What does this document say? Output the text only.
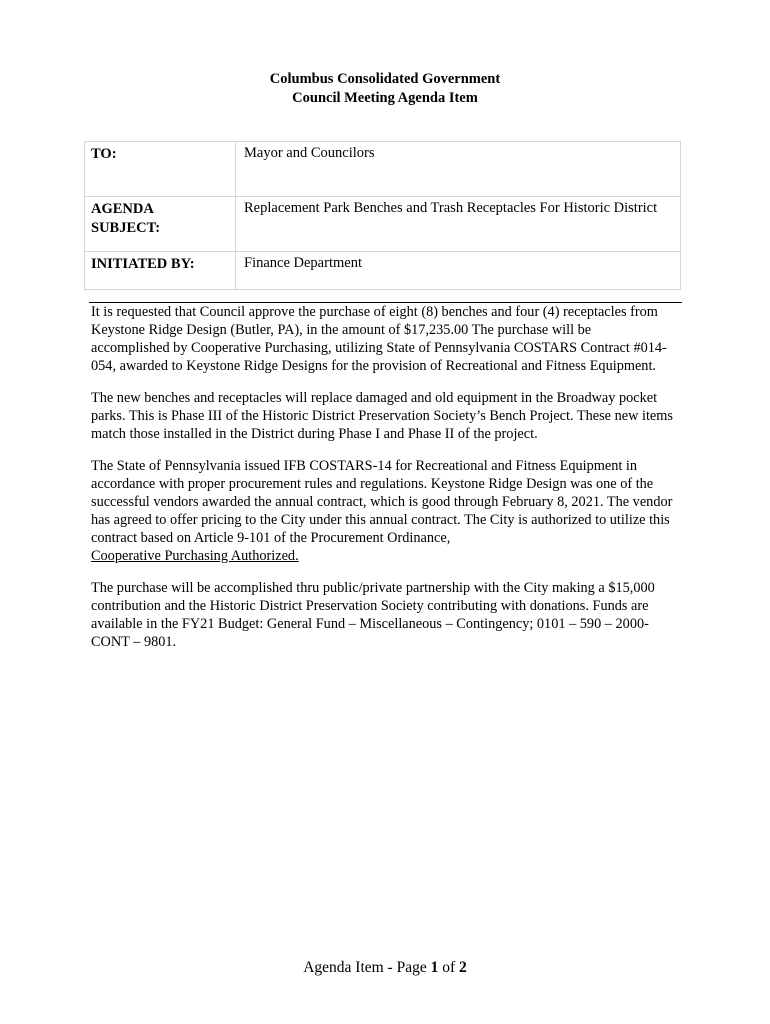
Columbus Consolidated Government
Council Meeting Agenda Item
TO:	Mayor and Councilors

AGENDA
SUBJECT:	Replacement Park Benches and Trash Receptacles For Historic District
INITIATED BY:	Finance Department

It is requested that Council approve the purchase of eight (8) benches and four (4) receptacles from Keystone Ridge Design (Butler, PA), in the amount of $17,235.00 The purchase will be accomplished by Cooperative Purchasing, utilizing State of Pennsylvania COSTARS Contract #014-054, awarded to Keystone Ridge Designs for the provision of Recreational and Fitness Equipment.

The new benches and receptacles will replace damaged and old equipment in the Broadway pocket parks. This is Phase III of the Historic District Preservation Society’s Bench Project. These new items match those installed in the District during Phase I and Phase II of the project.

The State of Pennsylvania issued IFB COSTARS-14 for Recreational and Fitness Equipment in accordance with proper procurement rules and regulations. Keystone Ridge Design was one of the successful vendors awarded the annual contract, which is good through February 8, 2021. The vendor has agreed to offer pricing to the City under this annual contract. The City is authorized to utilize this contract based on Article 9-101 of the Procurement Ordinance,
Cooperative Purchasing Authorized.

The purchase will be accomplished thru public/private partnership with the City making a $15,000 contribution and the Historic District Preservation Society contributing with donations. Funds are available in the FY21 Budget: General Fund – Miscellaneous – Contingency; 0101 – 590 – 2000- CONT – 9801.

Agenda Item - Page 1 of 2
